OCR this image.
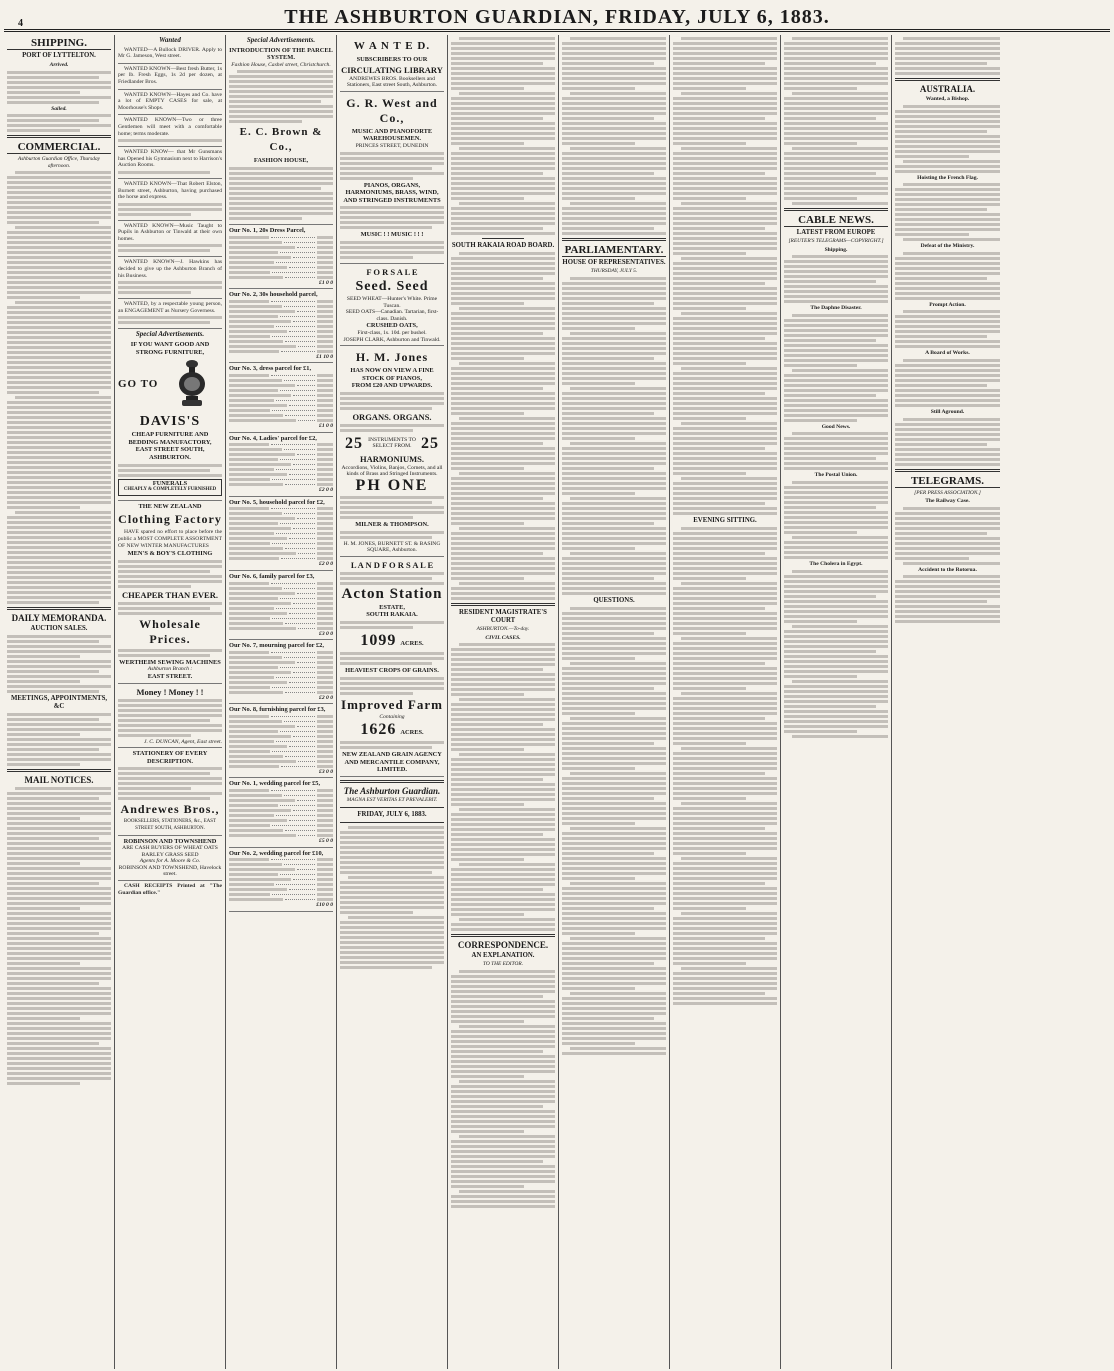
4	THE ASHBURTON GUARDIAN, FRIDAY, JULY 6, 1883.
SHIPPING.
PORT OF LYTTELTON.
Arrived.
Sailed.
COMMERCIAL.
Ashburton Guardian Office, Thursday afternoon.
DAILY MEMORANDA.
AUCTION SALES.
MEETINGS, APPOINTMENTS, &C
MAIL NOTICES.
Wanted

WANTED—A Bullock DRIVER. Apply to Mr G. Jameson, West street.

WANTED KNOWN—Best fresh Butter, 1s per lb. Fresh Eggs, 1s 2d per dozen, at Friedlander Bros.

WANTED KNOWN—Hayes and Co. have a lot of EMPTY CASES for sale, at Moorhouse's Shops.

WANTED KNOWN—Two or three Gentlemen will meet with a comfortable home; terms moderate.

WANTED KNOW— that Mr Gunsmans has Opened his Gymnasium next to Harrison's Auction Rooms.

WANTED KNOWN—That Robert Elston, Burnett street, Ashburton, having purchased the horse and express.

WANTED KNOWN—Music Taught to Pupils in Ashburton or Tinwald at their own homes.

WANTED KNOWN—J. Hawkins has decided to give up the Ashburton Branch of his Business.

WANTED, by a respectable young person, an ENGAGEMENT as Nursery Governess.

Special Advertisements.
IF YOU WANT GOOD AND STRONG FURNITURE,
GO TO
DAVIS'S
CHEAP FURNITURE AND BEDDING MANUFACTORY,
EAST STREET SOUTH, ASHBURTON.
FUNERALS
CHEAPLY & COMPLETELY FURNISHED
THE NEW ZEALAND
Clothing Factory

HAVE spared no effort to place before the public a MOST COMPLETE ASSORTMENT OF NEW WINTER MANUFACTURES

MEN'S & BOY'S CLOTHING
CHEAPER THAN EVER.
Wholesale Prices.
WERTHEIM SEWING MACHINES
Ashburton Branch :
EAST STREET.
Money ! Money ! !
J. C. DUNCAN, Agent, East street.
STATIONERY OF EVERY DESCRIPTION.
Andrewes Bros.,
BOOKSELLERS, STATIONERS, &c., EAST STREET SOUTH, ASHBURTON.
ROBINSON AND TOWNSHEND
ARE CASH BUYERS OF WHEAT OATS BARLEY GRASS SEED
Agents for A. Moore & Co.
ROBINSON AND TOWNSHEND, Havelock street.

CASH RECEIPTS Printed at "The Guardian office."

Special Advertisements.
INTRODUCTION OF THE PARCEL SYSTEM.
Fashion House, Cashel street, Christchurch.
E. C. Brown & Co.,
FASHION HOUSE,
Our No. 1, 20s Dress Parcel,
£1 0 0
Our No. 2, 30s household parcel,
£1 10 0
Our No. 3, dress parcel for £1,
£1 0 0
Our No. 4, Ladies' parcel for £2,
£2 0 0
Our No. 5, household parcel for £2,
£2 0 0
Our No. 6, family parcel for £3,
£3 0 0
Our No. 7, mourning parcel for £2,
£2 0 0
Our No. 8, furnishing parcel for £3,
£3 0 0
Our No. 1, wedding parcel for £5,
£5 0 0
Our No. 2, wedding parcel for £10,
£10 0 0
W A N T E D.
SUBSCRIBERS TO OUR
CIRCULATING LIBRARY
ANDREWES BROS. Booksellers and Stationers, East street South, Ashburton.
G. R. West and Co.,
MUSIC AND PIANOFORTE WAREHOUSEMEN.
PRINCES STREET, DUNEDIN
PIANOS, ORGANS, HARMONIUMS, BRASS, WIND, AND STRINGED INSTRUMENTS
MUSIC ! ! MUSIC ! ! !
F O R S A L E
Seed. Seed
SEED WHEAT—Hunter's White. Prime Tuscan.
SEED OATS—Canadian. Tartarian, first-class. Danish.
CRUSHED OATS,
First-class, 1s. 10d. per bushel.
JOSEPH CLARK, Ashburton and Tinwald.
H. M. Jones
HAS NOW ON VIEW A FINE STOCK OF PIANOS,
FROM £20 AND UPWARDS.
ORGANS. ORGANS.
25 INSTRUMENTS TO SELECT FROM. 25
HARMONIUMS.
Accordions, Violins, Banjos, Cornets, and all kinds of Brass and Stringed Instruments.
PH ONE
MILNER & THOMPSON.
H. M. JONES, BURNETT ST. & BASING SQUARE, Ashburton.
L A N D F O R S A L E
Acton Station
ESTATE,
SOUTH RAKAIA.
1099 ACRES.
HEAVIEST CROPS OF GRAINS.
Improved Farm
Containing
1626 ACRES.
NEW ZEALAND GRAIN AGENCY AND MERCANTILE COMPANY, LIMITED.
The Ashburton Guardian.
MAGNA EST VERITAS ET PREVALEBIT.
FRIDAY, JULY 6, 1883.
SOUTH RAKAIA ROAD BOARD.
RESIDENT MAGISTRATE'S COURT
ASHBURTON.—To-day.
CIVIL CASES.
CORRESPONDENCE.
AN EXPLANATION.
TO THE EDITOR.
PARLIAMENTARY.
HOUSE OF REPRESENTATIVES.
THURSDAY, JULY 5.
QUESTIONS.
EVENING SITTING.
CABLE NEWS.
LATEST FROM EUROPE
[REUTER'S TELEGRAMS—COPYRIGHT.]
Shipping.
The Daphne Disaster.
Good News.
The Postal Union.
The Cholera in Egypt.
AUSTRALIA.
Wanted, a Bishop.
Hoisting the French Flag.
Defeat of the Ministry.
Prompt Action.
A Board of Works.
Still Aground.
TELEGRAMS.
[PER PRESS ASSOCIATION.]
The Railway Case.
Accident to the Rotorua.
